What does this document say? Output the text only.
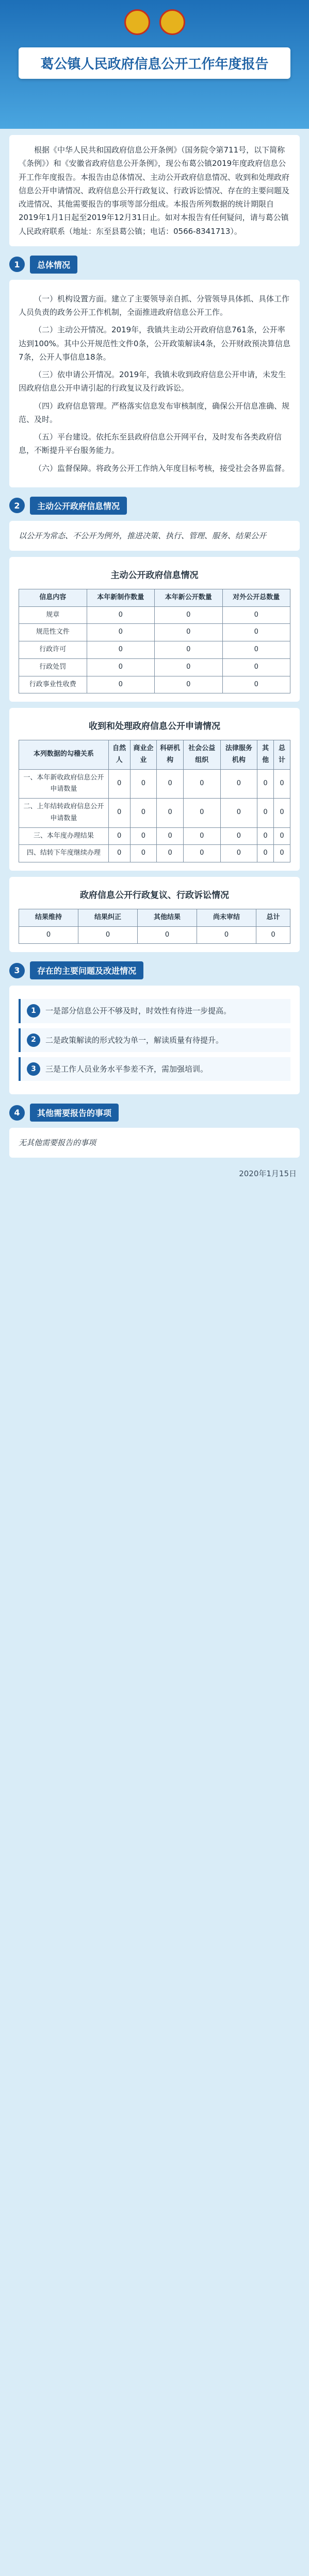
葛公镇人民政府信息公开工作年度报告
根据《中华人民共和国政府信息公开条例》（国务院令第711号，以下简称《条例》）和《安徽省政府信息公开条例》，现公布葛公镇2019年度政府信息公开工作年度报告。本报告由总体情况、主动公开政府信息情况、收到和处理政府信息公开申请情况、政府信息公开行政复议、行政诉讼情况、存在的主要问题及改进情况、其他需要报告的事项等部分组成。本报告所列数据的统计期限自2019年1月1日起至2019年12月31日止。如对本报告有任何疑问，请与葛公镇人民政府联系（地址：东至县葛公镇；电话：0566-8341713）。
1	总体情况

（一）机构设置方面。建立了主要领导亲自抓、分管领导具体抓、具体工作人员负责的政务公开工作机制，全面推进政府信息公开工作。

（二）主动公开情况。2019年，我镇共主动公开政府信息761条，公开率达到100%。其中公开规范性文件0条，公开政策解读4条，公开财政预决算信息7条，公开人事信息18条。

（三）依申请公开情况。2019年，我镇未收到政府信息公开申请，未发生因政府信息公开申请引起的行政复议及行政诉讼。

（四）政府信息管理。严格落实信息发布审核制度，确保公开信息准确、规范、及时。

（五）平台建设。依托东至县政府信息公开网平台，及时发布各类政府信息，不断提升平台服务能力。

（六）监督保障。将政务公开工作纳入年度目标考核，接受社会各界监督。

2	主动公开政府信息情况
以公开为常态、不公开为例外，推进决策、执行、管理、服务、结果公开
主动公开政府信息情况
信息内容	本年新制作数量	本年新公开数量	对外公开总数量
规章	0	0	0
规范性文件	0	0	0
行政许可	0	0	0
行政处罚	0	0	0
行政事业性收费	0	0	0
收到和处理政府信息公开申请情况
本列数据的勾稽关系	自然人	商业企业	科研机构	社会公益组织	法律服务机构	其他	总计
一、本年新收政府信息公开申请数量	0	0	0	0	0	0	0
二、上年结转政府信息公开申请数量	0	0	0	0	0	0	0
三、本年度办理结果	0	0	0	0	0	0	0
四、结转下年度继续办理	0	0	0	0	0	0	0
政府信息公开行政复议、行政诉讼情况
结果维持	结果纠正	其他结果	尚未审结	总计
0	0	0	0	0
3	存在的主要问题及改进情况
1	一是部分信息公开不够及时，时效性有待进一步提高。
2	二是政策解读的形式较为单一，解读质量有待提升。
3	三是工作人员业务水平参差不齐，需加强培训。
4	其他需要报告的事项
无其他需要报告的事项
2020年1月15日
